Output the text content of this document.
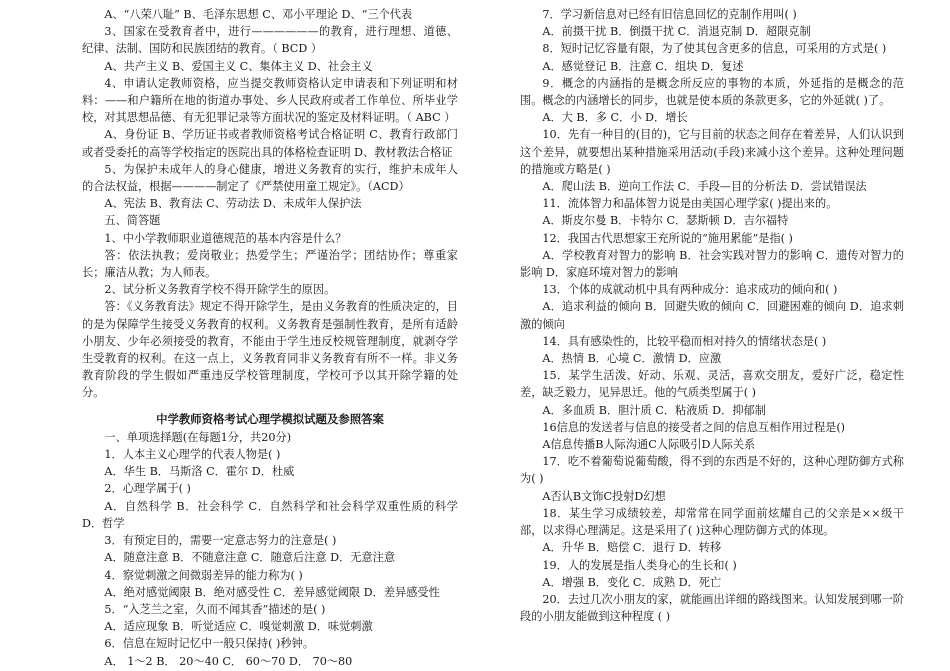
A、“八荣八耻” B、毛泽东思想 C、邓小平理论 D、“三个代表

3、国家在受教育者中，进行——————的教育，进行理想、道德、纪律、法制、国防和民族团结的教育。（ BCD ）

A、共产主义 B、爱国主义 C、集体主义 D、社会主义

4、申请认定教师资格，应当提交教师资格认定申请表和下列证明和材料：——和户籍所在地的街道办事处、乡人民政府或者工作单位、所毕业学校，对其思想品德、有无犯罪记录等方面状况的鉴定及材料证明。（ ABC ）

A、身份证 B、学历证书或者教师资格考试合格证明 C、教育行政部门或者受委托的高等学校指定的医院出具的体格检查证明 D、教材教法合格证

5、为保护未成年人的身心健康，增进义务教育的实行，维护未成年人的合法权益，根据————制定了《严禁使用童工规定》。（ACD）

A、宪法 B、教育法 C、劳动法 D、未成年人保护法

五、简答题

1、中小学教师职业道德规范的基本内容是什么？

答：依法执教；爱岗敬业；热爱学生；严谨治学；团结协作；尊重家长；廉洁从教；为人师表。

2、试分析义务教育学校不得开除学生的原因。

答：《义务教育法》规定不得开除学生，是由义务教育的性质决定的，目的是为保障学生接受义务教育的权利。义务教育是强制性教育，是所有适龄小朋友、少年必须接受的教育，不能由于学生违反校规管理制度，就剥夺学生受教育的权利。在这一点上，义务教育同非义务教育有所不一样。非义务教育阶段的学生假如严重违反学校管理制度，学校可予以其开除学籍的处分。

中学教师资格考试心理学模拟试题及参照答案

一、单项选择题(在每题1分，共20分)

1．人本主义心理学的代表人物是( )

A．华生 B．马斯洛 C．霍尔 D．杜威

2．心理学属于( )

A．自然科学 B．社会科学 C．自然科学和社会科学双重性质的科学 D．哲学

3．有预定目的，需要一定意志努力的注意是( )

A．随意注意 B．不随意注意 C．随意后注意 D．无意注意

4．察觉刺激之间微弱差异的能力称为( )

A．绝对感觉阈限 B．绝对感受性 C．差异感觉阈限 D．差异感受性

5．“入芝兰之室，久而不闻其香”描述的是( )

A．适应现象 B．听觉适应 C．嗅觉刺激 D．味觉刺激

6．信息在短时记忆中一般只保持( )秒钟。

A． 1～2 B． 20～40 C． 60～70 D． 70～80

7．学习新信息对已经有旧信息回忆的克制作用叫( )

A．前摄干扰 B．倒摄干扰 C．消退克制 D．超限克制

8．短时记忆容量有限，为了使其包含更多的信息，可采用的方式是( )

A．感觉登记 B．注意 C．组块 D．复述

9．概念的内涵指的是概念所反应的事物的本质，外延指的是概念的范围。概念的内涵增长的同步，也就是使本质的条款更多，它的外延就( )了。

A．大 B．多 C．小 D．增长

10．先有一种目的(目的)，它与目前的状态之间存在着差异，人们认识到这个差异，就要想出某种措施采用活动(手段)来减小这个差异。这种处理问题的措施或方略是( )

A．爬山法 B．逆向工作法 C．手段—目的分析法 D．尝试错误法

11．流体智力和晶体智力说是由美国心理学家( )提出来的。

A．斯皮尔曼 B．卡特尔 C．瑟斯顿 D．吉尔福特

12．我国古代思想家王充所说的“施用累能”是指( )

A．学校教育对智力的影响 B．社会实践对智力的影响 C．遗传对智力的影响 D．家庭环境对智力的影响

13．个体的成就动机中具有两种成分：追求成功的倾向和( )

A．追求利益的倾向 B．回避失败的倾向 C．回避困难的倾向 D．追求刺激的倾向

14．具有感染性的，比较平稳而相对持久的情绪状态是( )

A．热情 B．心境 C．激情 D．应激

15．某学生活泼、好动、乐观、灵活，喜欢交朋友，爱好广泛，稳定性差，缺乏毅力，见异思迁。他的气质类型属于( )

A．多血质 B．胆汁质 C．粘液质 D．抑郁制

16信息的发送者与信息的接受者之间的信息互相作用过程是()

A信息传播B人际沟通C人际吸引D人际关系

17．吃不着葡萄说葡萄酸，得不到的东西是不好的，这种心理防御方式称为( )

A否认B文饰C投射D幻想

18．某生学习成绩较差，却常常在同学面前炫耀自己的父亲是××级干部，以求得心理满足。这是采用了( )这种心理防御方式的体现。

A．升华 B．赔偿 C．退行 D．转移

19．人的发展是指人类身心的生长和( )

A．增强 B．变化 C．成熟 D．死亡

20．去过几次小朋友的家，就能画出详细的路线图来。认知发展到哪一阶段的小朋友能做到这种程度 ( )
